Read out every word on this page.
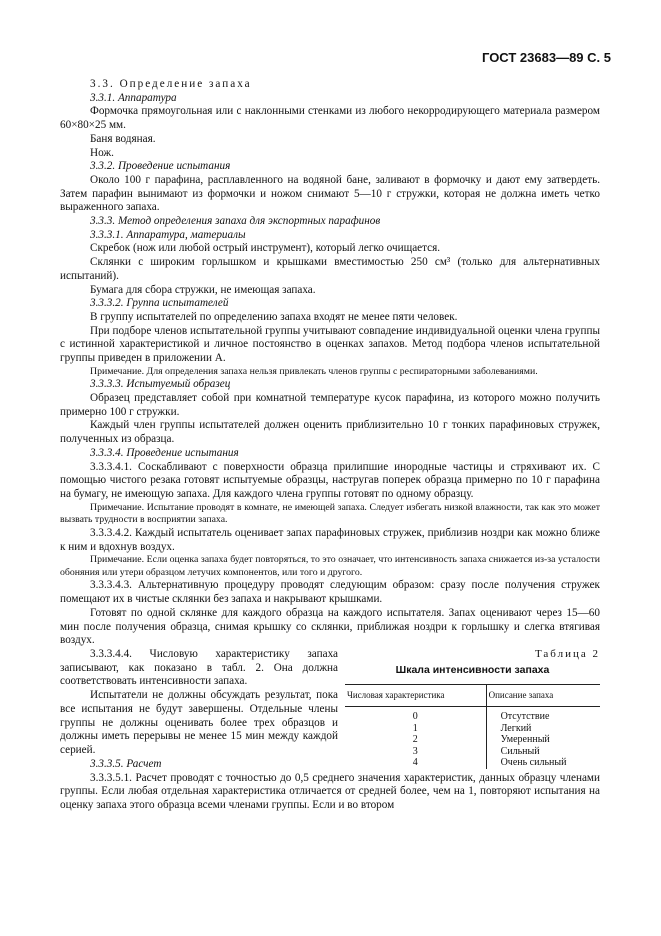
ГОСТ 23683—89 С. 5

3.3. Определение запаха

3.3.1. Аппаратура

Формочка прямоугольная или с наклонными стенками из любого некорродирующего материала размером 60×80×25 мм.

Баня водяная.

Нож.

3.3.2. Проведение испытания

Около 100 г парафина, расплавленного на водяной бане, заливают в формочку и дают ему затвердеть. Затем парафин вынимают из формочки и ножом снимают 5—10 г стружки, которая не должна иметь четко выраженного запаха.

3.3.3. Метод определения запаха для экспортных парафинов

3.3.3.1. Аппаратура, материалы

Скребок (нож или любой острый инструмент), который легко очищается.

Склянки с широким горлышком и крышками вместимостью 250 см³ (только для альтернативных испытаний).

Бумага для сбора стружки, не имеющая запаха.

3.3.3.2. Группа испытателей

В группу испытателей по определению запаха входят не менее пяти человек.

При подборе членов испытательной группы учитывают совпадение индивидуальной оценки члена группы с истинной характеристикой и личное постоянство в оценках запахов. Метод подбора членов испытательной группы приведен в приложении А.

Примечание. Для определения запаха нельзя привлекать членов группы с респираторными заболеваниями.

3.3.3.3. Испытуемый образец

Образец представляет собой при комнатной температуре кусок парафина, из которого можно получить примерно 100 г стружки.

Каждый член группы испытателей должен оценить приблизительно 10 г тонких парафиновых стружек, полученных из образца.

3.3.3.4. Проведение испытания

3.3.3.4.1. Соскабливают с поверхности образца прилипшие инородные частицы и стряхивают их. С помощью чистого резака готовят испытуемые образцы, настругав поперек образца примерно по 10 г парафина на бумагу, не имеющую запаха. Для каждого члена группы готовят по одному образцу.

Примечание. Испытание проводят в комнате, не имеющей запаха. Следует избегать низкой влажности, так как это может вызвать трудности в восприятии запаха.

3.3.3.4.2. Каждый испытатель оценивает запах парафиновых стружек, приблизив ноздри как можно ближе к ним и вдохнув воздух.

Примечание. Если оценка запаха будет повторяться, то это означает, что интенсивность запаха снижается из-за усталости обоняния или утери образцом летучих компонентов, или того и другого.

3.3.3.4.3. Альтернативную процедуру проводят следующим образом: сразу после получения стружек помещают их в чистые склянки без запаха и накрывают крышками.

Готовят по одной склянке для каждого образца на каждого испытателя. Запах оценивают через 15—60 мин после получения образца, снимая крышку со склянки, приближая ноздри к горлышку и слегка втягивая воздух.

3.3.3.4.4. Числовую характеристику запаха записывают, как показано в табл. 2. Она должна соответствовать интенсивности запаха.

Испытатели не должны обсуждать результат, пока все испытания не будут завершены. Отдельные члены группы не должны оценивать более трех образцов и должны иметь перерывы не менее 15 мин между каждой серией.

Таблица 2
Шкала интенсивности запаха
Числовая характеристика	Описание запаха
0	Отсутствие
1	Легкий
2	Умеренный
3	Сильный
4	Очень сильный

3.3.3.5. Расчет

3.3.3.5.1. Расчет проводят с точностью до 0,5 среднего значения характеристик, данных образцу членами группы. Если любая отдельная характеристика отличается от средней более, чем на 1, повторяют испытания на оценку запаха этого образца всеми членами группы. Если и во втором
